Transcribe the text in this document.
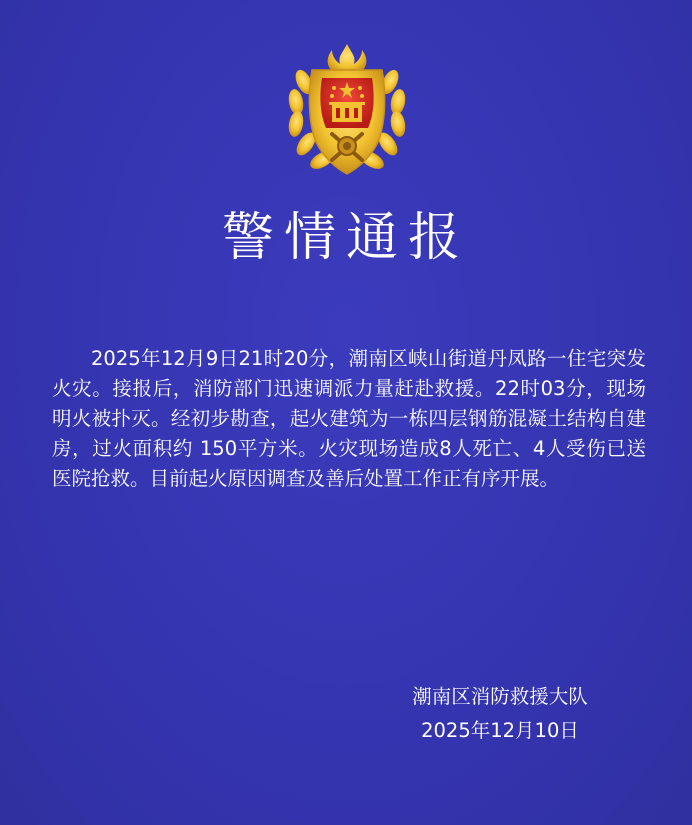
警情通报

2025年12月9日21时20分，潮南区峡山街道丹凤路一住宅突发火灾。接报后，消防部门迅速调派力量赶赴救援。22时03分，现场明火被扑灭。经初步勘查，起火建筑为一栋四层钢筋混凝土结构自建房，过火面积约 150平方米。火灾现场造成8人死亡、4人受伤已送医院抢救。目前起火原因调查及善后处置工作正有序开展。

潮南区消防救援大队
2025年12月10日
